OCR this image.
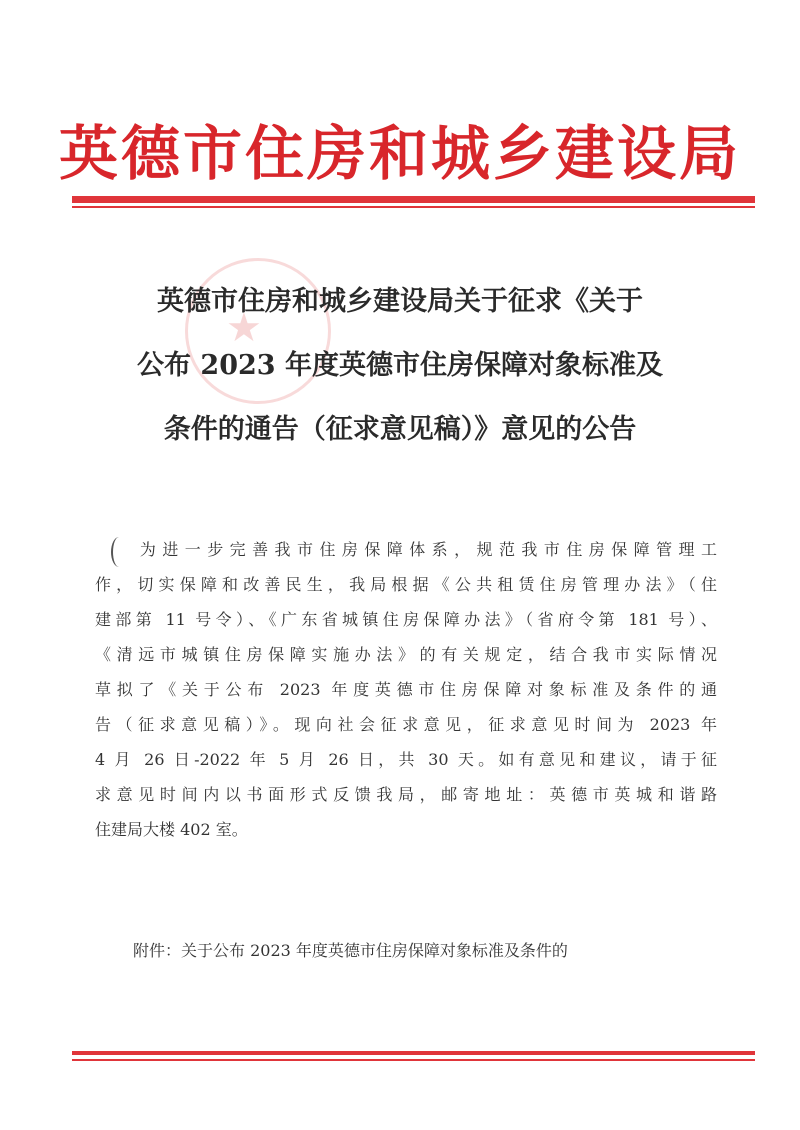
英德市住房和城乡建设局
★
英德市住房和城乡建设局关于征求《关于
公布 2023 年度英德市住房保障对象标准及
条件的通告（征求意见稿）》意见的公告
　　为进一步完善我市住房保障体系，规范我市住房保障管理工
作，切实保障和改善民生，我局根据《公共租赁住房管理办法》（住
建部第 11 号令）、《广东省城镇住房保障办法》（省府令第 181 号）、
《清远市城镇住房保障实施办法》的有关规定，结合我市实际情况
草拟了《关于公布 2023 年度英德市住房保障对象标准及条件的通
告（征求意见稿）》。现向社会征求意见，征求意见时间为 2023 年
4 月 26 日-2022 年 5 月 26 日，共 30 天。如有意见和建议，请于征
求意见时间内以书面形式反馈我局，邮寄地址：英德市英城和谐路
住建局大楼 402 室。
附件：关于公布 2023 年度英德市住房保障对象标准及条件的
